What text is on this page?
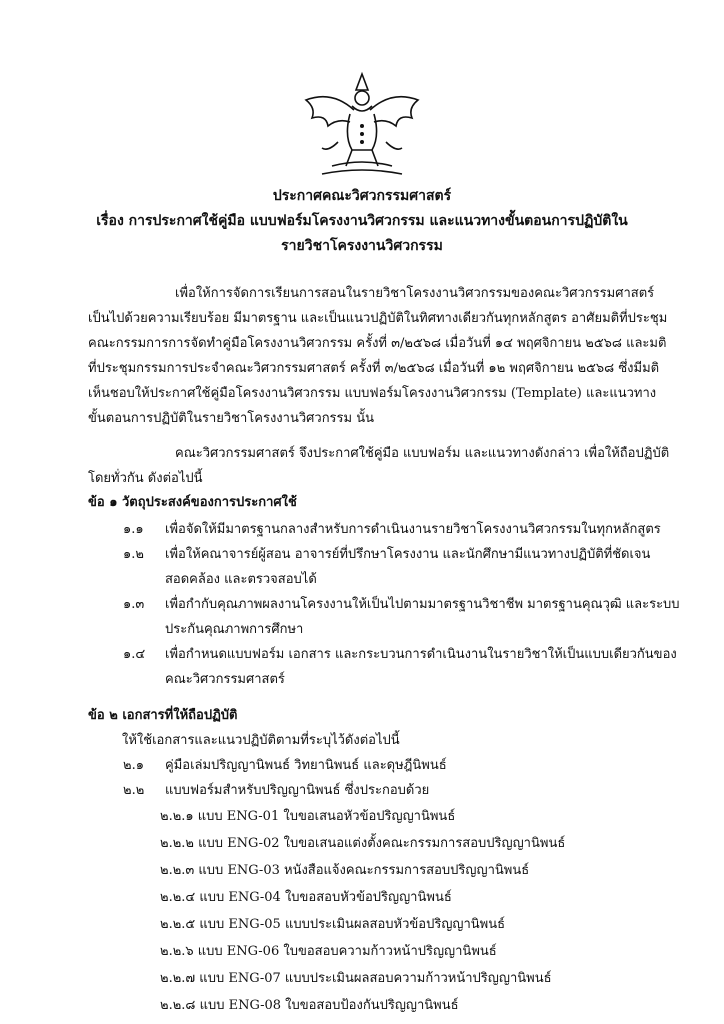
ประกาศคณะวิศวกรรมศาสตร์
เรื่อง การประกาศใช้คู่มือ แบบฟอร์มโครงงานวิศวกรรม และแนวทางขั้นตอนการปฏิบัติใน
รายวิชาโครงงานวิศวกรรม
เพื่อให้การจัดการเรียนการสอนในรายวิชาโครงงานวิศวกรรมของคณะวิศวกรรมศาสตร์
เป็นไปด้วยความเรียบร้อย มีมาตรฐาน และเป็นแนวปฏิบัติในทิศทางเดียวกันทุกหลักสูตร อาศัยมติที่ประชุม
คณะกรรมการการจัดทำคู่มือโครงงานวิศวกรรม ครั้งที่ ๓/๒๕๖๘ เมื่อวันที่ ๑๔ พฤศจิกายน ๒๕๖๘ และมติ
ที่ประชุมกรรมการประจำคณะวิศวกรรมศาสตร์ ครั้งที่ ๓/๒๕๖๘ เมื่อวันที่ ๑๒ พฤศจิกายน ๒๕๖๘ ซึ่งมีมติ
เห็นชอบให้ประกาศใช้คู่มือโครงงานวิศวกรรม แบบฟอร์มโครงงานวิศวกรรม (Template) และแนวทาง
ขั้นตอนการปฏิบัติในรายวิชาโครงงานวิศวกรรม นั้น
คณะวิศวกรรมศาสตร์ จึงประกาศใช้คู่มือ แบบฟอร์ม และแนวทางดังกล่าว เพื่อให้ถือปฏิบัติ
โดยทั่วกัน ดังต่อไปนี้
ข้อ ๑ วัตถุประสงค์ของการประกาศใช้
๑.๑ เพื่อจัดให้มีมาตรฐานกลางสำหรับการดำเนินงานรายวิชาโครงงานวิศวกรรมในทุกหลักสูตร
๑.๒ เพื่อให้คณาจารย์ผู้สอน อาจารย์ที่ปรึกษาโครงงาน และนักศึกษามีแนวทางปฏิบัติที่ชัดเจน
สอดคล้อง และตรวจสอบได้
๑.๓ เพื่อกำกับคุณภาพผลงานโครงงานให้เป็นไปตามมาตรฐานวิชาชีพ มาตรฐานคุณวุฒิ และระบบ
ประกันคุณภาพการศึกษา
๑.๔ เพื่อกำหนดแบบฟอร์ม เอกสาร และกระบวนการดำเนินงานในรายวิชาให้เป็นแบบเดียวกันของ
คณะวิศวกรรมศาสตร์
ข้อ ๒ เอกสารที่ให้ถือปฏิบัติ
ให้ใช้เอกสารและแนวปฏิบัติตามที่ระบุไว้ดังต่อไปนี้
๒.๑ คู่มือเล่มปริญญานิพนธ์ วิทยานิพนธ์ และดุษฎีนิพนธ์
๒.๒ แบบฟอร์มสำหรับปริญญานิพนธ์ ซึ่งประกอบด้วย
๒.๒.๑ แบบ ENG-01 ใบขอเสนอหัวข้อปริญญานิพนธ์
๒.๒.๒ แบบ ENG-02 ใบขอเสนอแต่งตั้งคณะกรรมการสอบปริญญานิพนธ์
๒.๒.๓ แบบ ENG-03 หนังสือแจ้งคณะกรรมการสอบปริญญานิพนธ์
๒.๒.๔ แบบ ENG-04 ใบขอสอบหัวข้อปริญญานิพนธ์
๒.๒.๕ แบบ ENG-05 แบบประเมินผลสอบหัวข้อปริญญานิพนธ์
๒.๒.๖ แบบ ENG-06 ใบขอสอบความก้าวหน้าปริญญานิพนธ์
๒.๒.๗ แบบ ENG-07 แบบประเมินผลสอบความก้าวหน้าปริญญานิพนธ์
๒.๒.๘ แบบ ENG-08 ใบขอสอบป้องกันปริญญานิพนธ์
